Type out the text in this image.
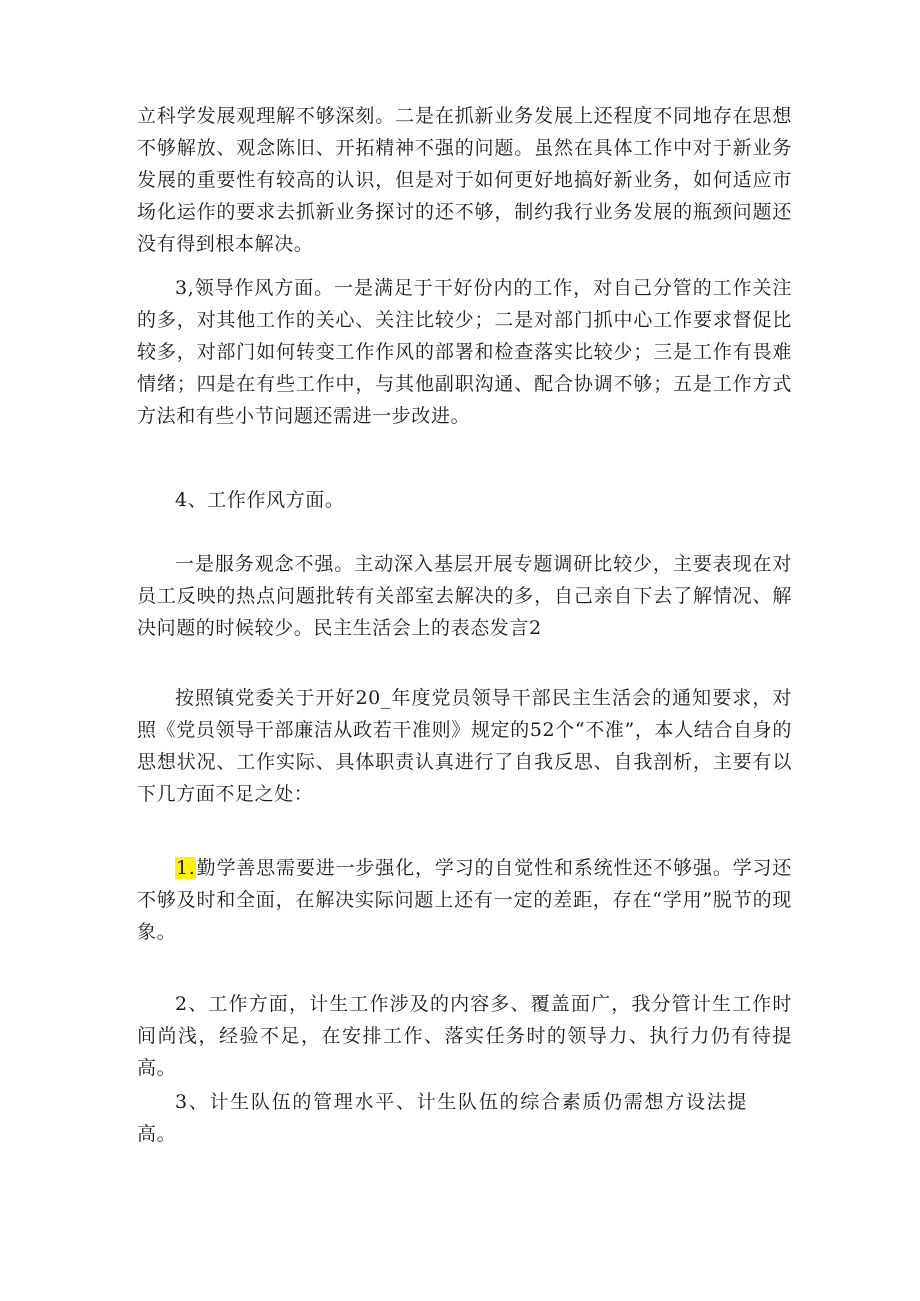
立科学发展观理解不够深刻。二是在抓新业务发展上还程度不同地存在思想不够解放、观念陈旧、开拓精神不强的问题。虽然在具体工作中对于新业务发展的重要性有较高的认识，但是对于如何更好地搞好新业务，如何适应市场化运作的要求去抓新业务探讨的还不够，制约我行业务发展的瓶颈问题还没有得到根本解决。

3,领导作风方面。一是满足于干好份内的工作，对自己分管的工作关注的多，对其他工作的关心、关注比较少；二是对部门抓中心工作要求督促比较多，对部门如何转变工作作风的部署和检查落实比较少；三是工作有畏难情绪；四是在有些工作中，与其他副职沟通、配合协调不够；五是工作方式方法和有些小节问题还需进一步改进。

4、工作作风方面。

一是服务观念不强。主动深入基层开展专题调研比较少，主要表现在对员工反映的热点问题批转有关部室去解决的多，自己亲自下去了解情况、解决问题的时候较少。民主生活会上的表态发言2

按照镇党委关于开好20_年度党员领导干部民主生活会的通知要求，对照《党员领导干部廉洁从政若干准则》规定的52个“不准”，本人结合自身的思想状况、工作实际、具体职责认真进行了自我反思、自我剖析，主要有以下几方面不足之处：

1.勤学善思需要进一步强化，学习的自觉性和系统性还不够强。学习还不够及时和全面，在解决实际问题上还有一定的差距，存在“学用”脱节的现象。

2、工作方面，计生工作涉及的内容多、覆盖面广，我分管计生工作时间尚浅，经验不足，在安排工作、落实任务时的领导力、执行力仍有待提高。

3、计生队伍的管理水平、计生队伍的综合素质仍需想方设法提高。
